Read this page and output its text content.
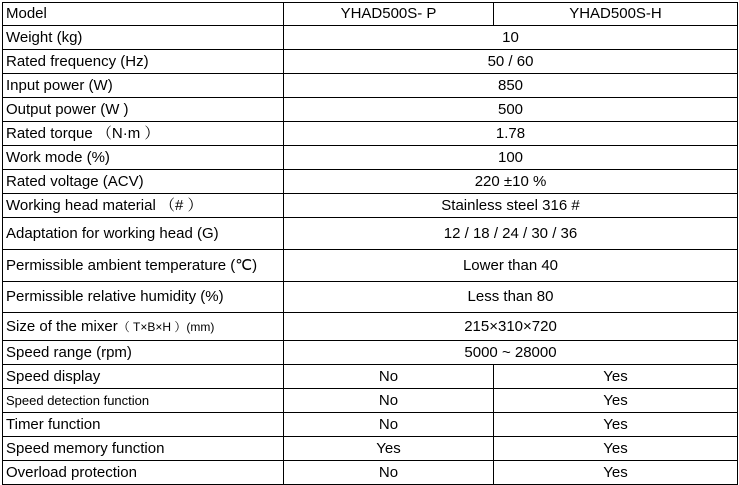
Model	YHAD500S- P	YHAD500S-H
Weight (kg)	10	
Rated frequency (Hz)	50 / 60	
Input power (W)	850	
Output power (W )	500	
Rated torque （N·m ）	1.78	
Work mode (%)	100	
Rated voltage (ACV)	220 ±10 %	
Working head material （# ）	Stainless steel 316 #	
Adaptation for working head (G)	12 / 18 / 24 / 30 / 36	
Permissible ambient temperature (℃)	Lower than 40	
Permissible relative humidity (%)	Less than 80	
Size of the mixer（ T×B×H ）(mm)	215×310×720	
Speed range (rpm)	5000 ~ 28000	
Speed display	No	Yes
Speed detection function	No	Yes
Timer function	No	Yes
Speed memory function	Yes	Yes
Overload protection	No	Yes
